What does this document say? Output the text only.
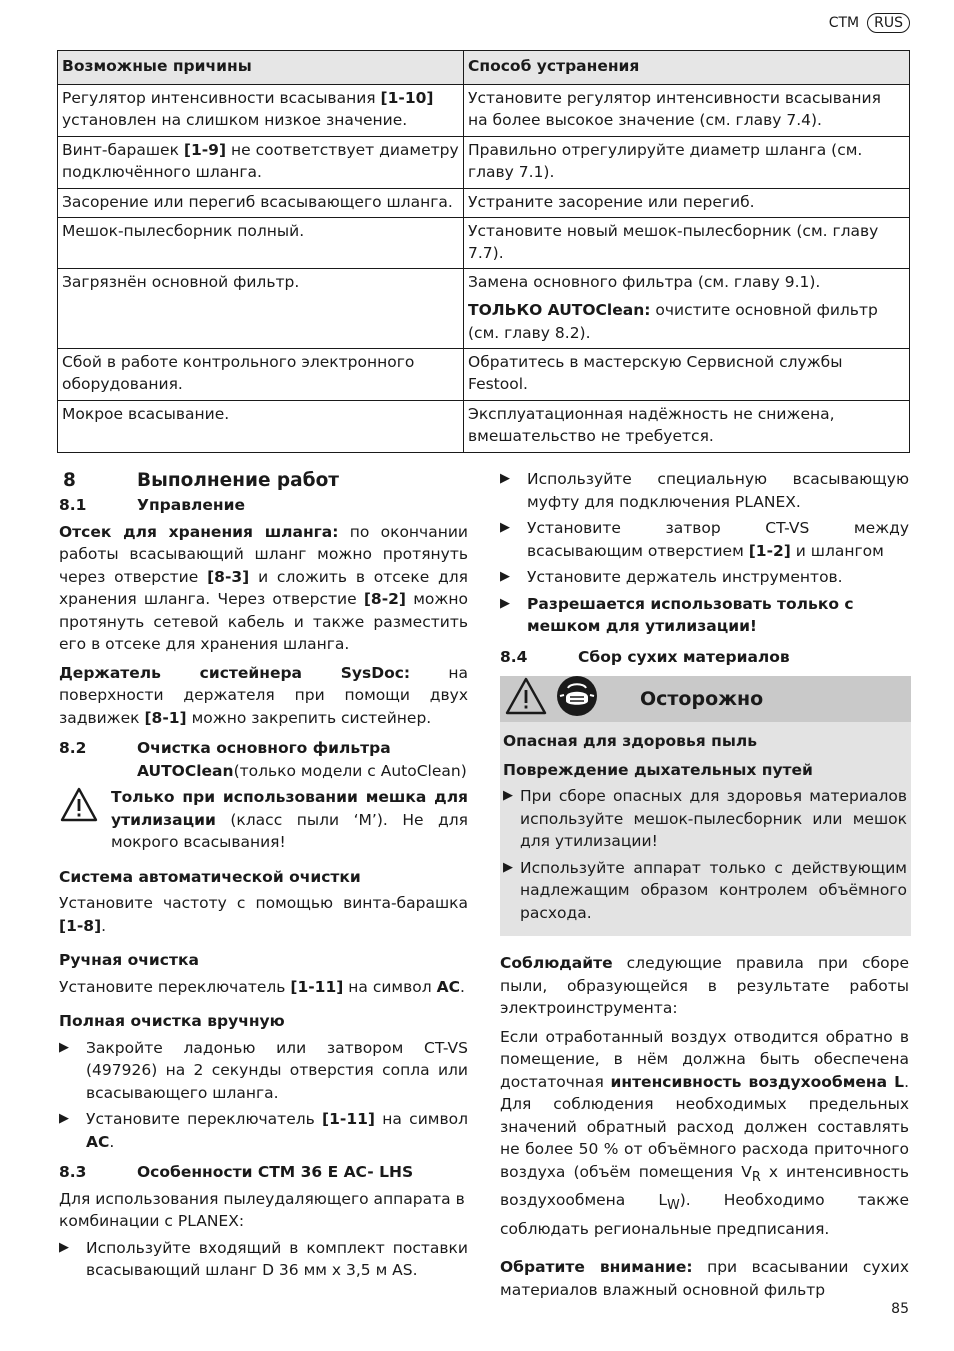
CTM	RUS
Возможные причины	Способ устранения
Регулятор интенсивности всасывания [1-10] установлен на слишком низкое значение.	Установите регулятор интенсивности всасывания на более высокое значение (см. главу 7.4).
Винт-барашек [1-9] не соответствует диаметру подключённого шланга.	Правильно отрегулируйте диаметр шланга (см. главу 7.1).
Засорение или перегиб всасывающего шланга.	Устраните засорение или перегиб.
Мешок-пылесборник полный.	Установите новый мешок-пылесборник (см. главу 7.7).
Загрязнён основной фильтр.	Замена основного фильтра (см. главу 9.1).

ТОЛЬКО AUTOClean: очистите основной фильтр (см. главу 8.2).

Сбой в работе контрольного электронного оборудования.	Обратитесь в мастерскую Сервисной службы Festool.
Мокрое всасывание.	Эксплуатационная надёжность не снижена, вмешательство не требуется.
8	Выполнение работ
8.1	Управление

Отсек для хранения шланга: по окончании работы всасывающий шланг можно протянуть через отверстие [8-3] и сложить в отсеке для хранения шланга. Через отверстие [8-2] можно протянуть сетевой кабель и также разместить его в отсеке для хранения шланга.

Держатель систейнера SysDoc: на поверхности держателя при помощи двух задвижек [8-1] можно закрепить систейнер.

8.2	Очистка основного фильтра
AUTOClean(только модели с AutoClean)

Только при использовании мешка для утилизации (класс пыли ‘M’). Не для мокрого всасывания!

Система автоматической очистки

Установите частоту с помощью винта-барашка [1-8].

Ручная очистка

Установите переключатель [1-11] на символ AC.

Полная очистка вручную

▶	Закройте ладонью или затвором CT-VS (497926) на 2 секунды отверстия сопла или всасывающего шланга.
▶	Установите переключатель [1-11] на символ AC.
8.3	Особенности CTM 36 E AC- LHS

Для использования пылеудаляющего аппарата в комбинации с PLANEX:

▶	Используйте входящий в комплект поставки всасывающий шланг D 36 мм x 3,5 м AS.
▶	Используйте специальную всасывающую муфту для подключения PLANEX.
▶	Установите затвор CT-VS между всасывающим отверстием [1-2] и шлангом
▶	Установите держатель инструментов.
▶	Разрешается использовать только с мешком для утилизации!
8.4	Сбор сухих материалов
Осторожно

Опасная для здоровья пыль

Повреждение дыхательных путей

▶ При сборе опасных для здоровья материалов используйте мешок-пылесборник или мешок для утилизации!
▶ Используйте аппарат только с действующим надлежащим образом контролем объёмного расхода.

Соблюдайте следующие правила при сборе пыли, образующейся в результате работы электроинструмента:

Если отработанный воздух отводится обратно в помещение, в нём должна быть обеспечена достаточная интенсивность воздухообмена L. Для соблюдения необходимых предельных значений обратный расход должен составлять не более 50 % от объёмного расхода приточного воздуха (объём помещения $V_R$ x интенсивность воздухообмена $L_W$). Необходимо также соблюдать региональные предписания.

Обратите внимание: при всасывании сухих материалов влажный основной фильтр

85
